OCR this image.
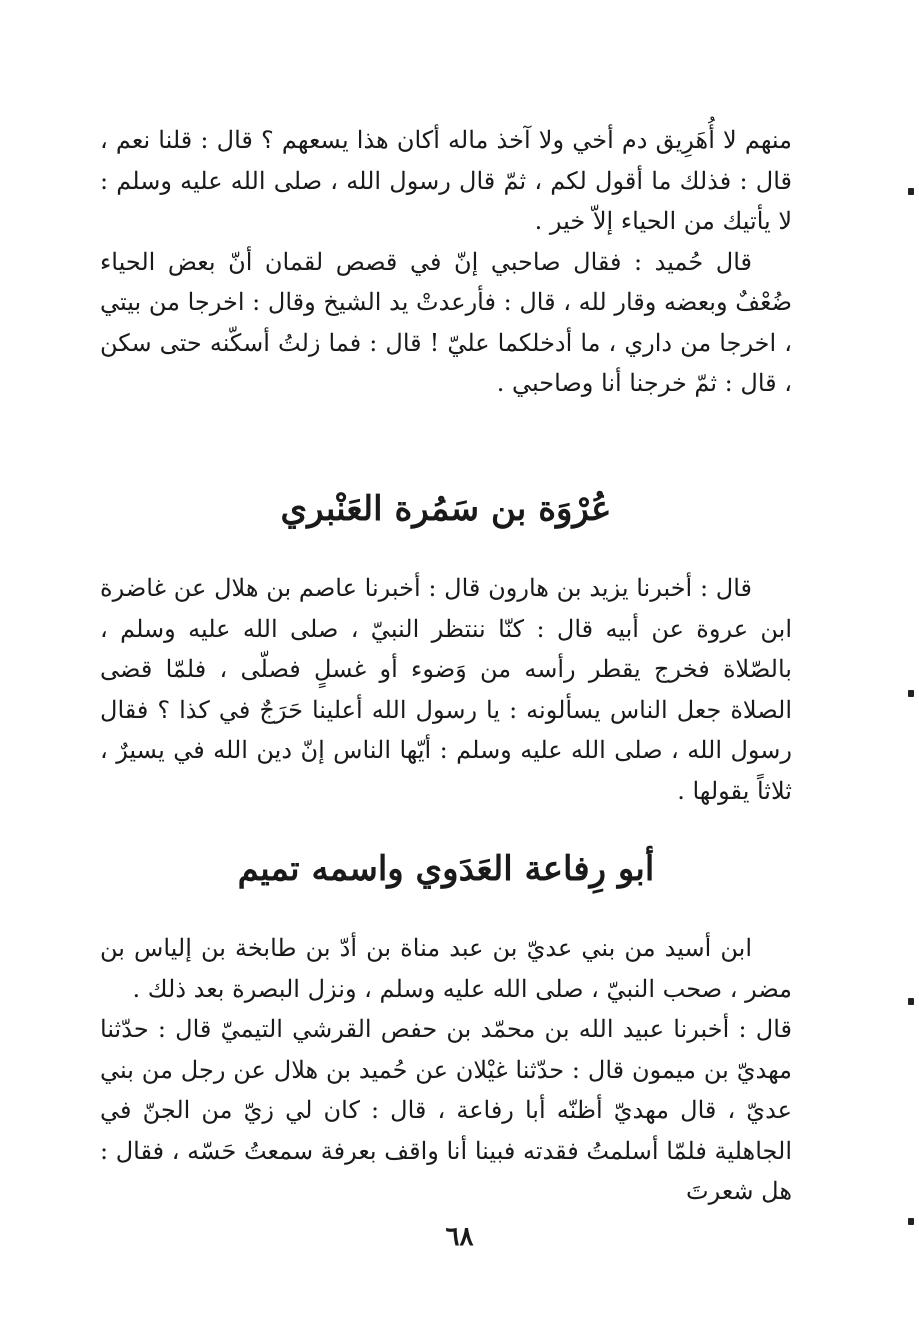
منهم لا أُهَرِيق دم أخي ولا آخذ ماله أكان هذا يسعهم ؟ قال : قلنا نعم ، قال : فذلك ما أقول لكم ، ثمّ قال رسول الله ، صلى الله عليه وسلم : لا يأتيك من الحياء إلاّ خير .

قال حُميد : فقال صاحبي إنّ في قصص لقمان أنّ بعض الحياء ضُعْفٌ وبعضه وقار لله ، قال : فأرعدتْ يد الشيخ وقال : اخرجا من بيتي ، اخرجا من داري ، ما أدخلكما عليّ ! قال : فما زلتُ أسكّنه حتى سكن ، قال : ثمّ خرجنا أنا وصاحبي .

عُرْوَة بن سَمُرة العَنْبري

قال : أخبرنا يزيد بن هارون قال : أخبرنا عاصم بن هلال عن غاضرة ابن عروة عن أبيه قال : كنّا ننتظر النبيّ ، صلى الله عليه وسلم ، بالصّلاة فخرج يقطر رأسه من وَضوء أو غسلٍ فصلّى ، فلمّا قضى الصلاة جعل الناس يسألونه : يا رسول الله أعلينا حَرَجٌ في كذا ؟ فقال رسول الله ، صلى الله عليه وسلم : أيّها الناس إنّ دين الله في يسيرٌ ، ثلاثاً يقولها .

أبو رِفاعة العَدَوي واسمه تميم

ابن أسيد من بني عديّ بن عبد مناة بن أدّ بن طابخة بن إلياس بن مضر ، صحب النبيّ ، صلى الله عليه وسلم ، ونزل البصرة بعد ذلك .

قال : أخبرنا عبيد الله بن محمّد بن حفص القرشي التيميّ قال : حدّثنا مهديّ بن ميمون قال : حدّثنا غيْلان عن حُميد بن هلال عن رجل من بني عديّ ، قال مهديّ أظنّه أبا رفاعة ، قال : كان لي زيّ من الجنّ في الجاهلية فلمّا أسلمتُ فقدته فبينا أنا واقف بعرفة سمعتُ حَسّه ، فقال : هل شعرتَ

٦٨
